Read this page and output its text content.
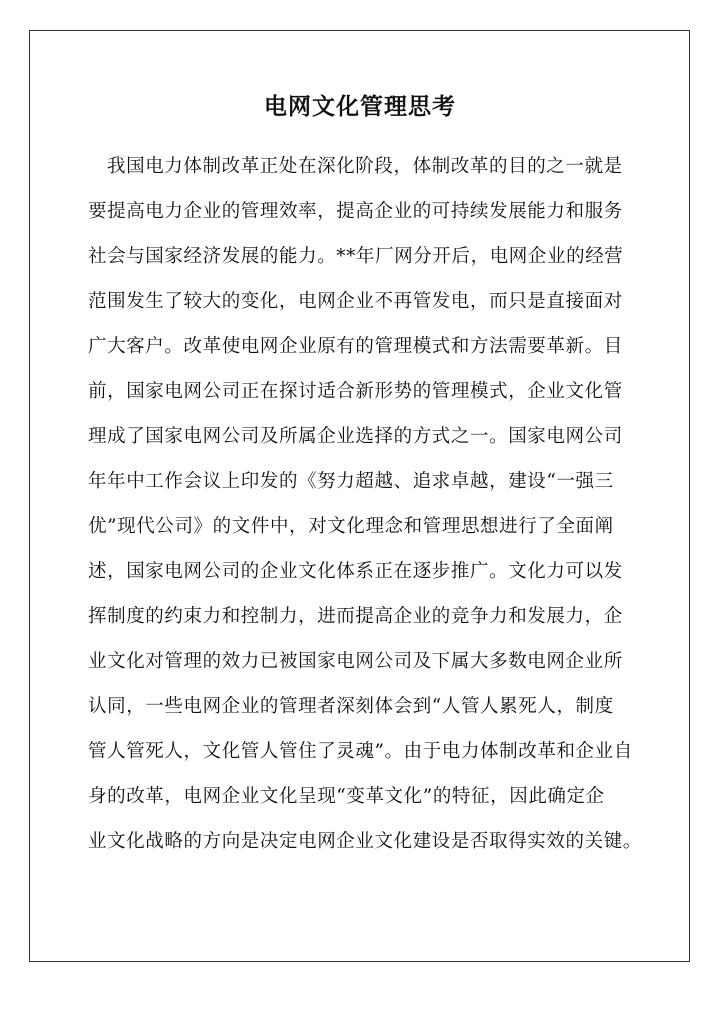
电网文化管理思考
我国电力体制改革正处在深化阶段，体制改革的目的之一就是
要提高电力企业的管理效率，提高企业的可持续发展能力和服务
社会与国家经济发展的能力。**年厂网分开后，电网企业的经营
范围发生了较大的变化，电网企业不再管发电，而只是直接面对
广大客户。改革使电网企业原有的管理模式和方法需要革新。目
前，国家电网公司正在探讨适合新形势的管理模式，企业文化管
理成了国家电网公司及所属企业选择的方式之一。国家电网公司
年年中工作会议上印发的《努力超越、追求卓越，建设“一强三
优”现代公司》的文件中，对文化理念和管理思想进行了全面阐
述，国家电网公司的企业文化体系正在逐步推广。文化力可以发
挥制度的约束力和控制力，进而提高企业的竞争力和发展力，企
业文化对管理的效力已被国家电网公司及下属大多数电网企业所
认同，一些电网企业的管理者深刻体会到“人管人累死人，制度
管人管死人，文化管人管住了灵魂”。由于电力体制改革和企业自
身的改革，电网企业文化呈现“变革文化”的特征，因此确定企
业文化战略的方向是决定电网企业文化建设是否取得实效的关键。
